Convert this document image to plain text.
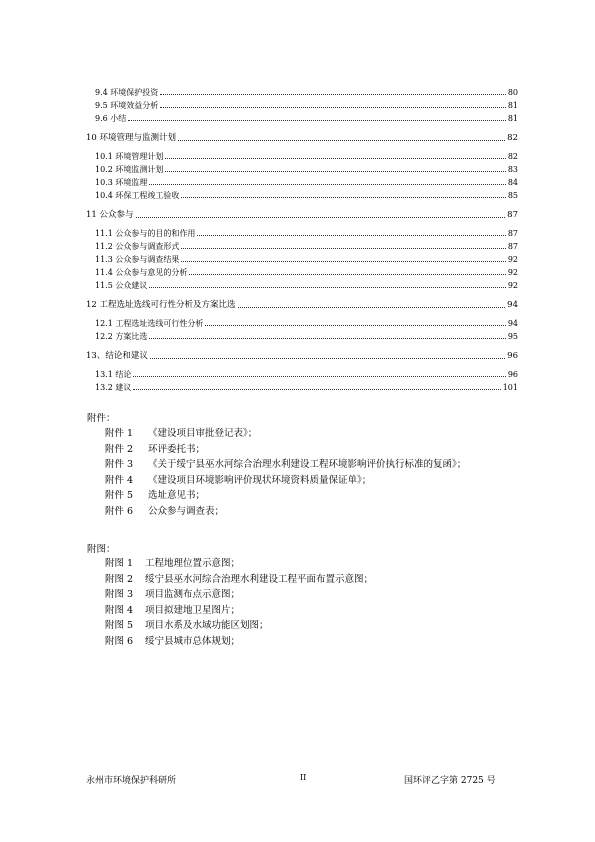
9.4 环境保护投资	80
9.5 环境效益分析	81
9.6 小结	81
10 环境管理与监测计划	82
10.1 环境管理计划	82
10.2 环境监测计划	83
10.3 环境监理	84
10.4 环保工程竣工验收	85
11 公众参与	87
11.1 公众参与的目的和作用	87
11.2 公众参与调查形式	87
11.3 公众参与调查结果	92
11.4 公众参与意见的分析	92
11.5 公众建议	92
12 工程选址选线可行性分析及方案比选	94
12.1 工程选址选线可行性分析	94
12.2 方案比选	95
13、结论和建议	96
13.1 结论	96
13.2 建议	101
附件：
附件 1 《建设项目审批登记表》；
附件 2 环评委托书；
附件 3 《关于绥宁县巫水河综合治理水利建设工程环境影响评价执行标准的复函》；
附件 4 《建设项目环境影响评价现状环境资料质量保证单》；
附件 5 选址意见书；
附件 6 公众参与调查表；
附图：
附图 1 工程地理位置示意图；
附图 2 绥宁县巫水河综合治理水利建设工程平面布置示意图；
附图 3 项目监测布点示意图；
附图 4 项目拟建地卫星图片；
附图 5 项目水系及水域功能区划图；
附图 6 绥宁县城市总体规划；
永州市环境保护科研所	II	国环评乙字第 2725 号
